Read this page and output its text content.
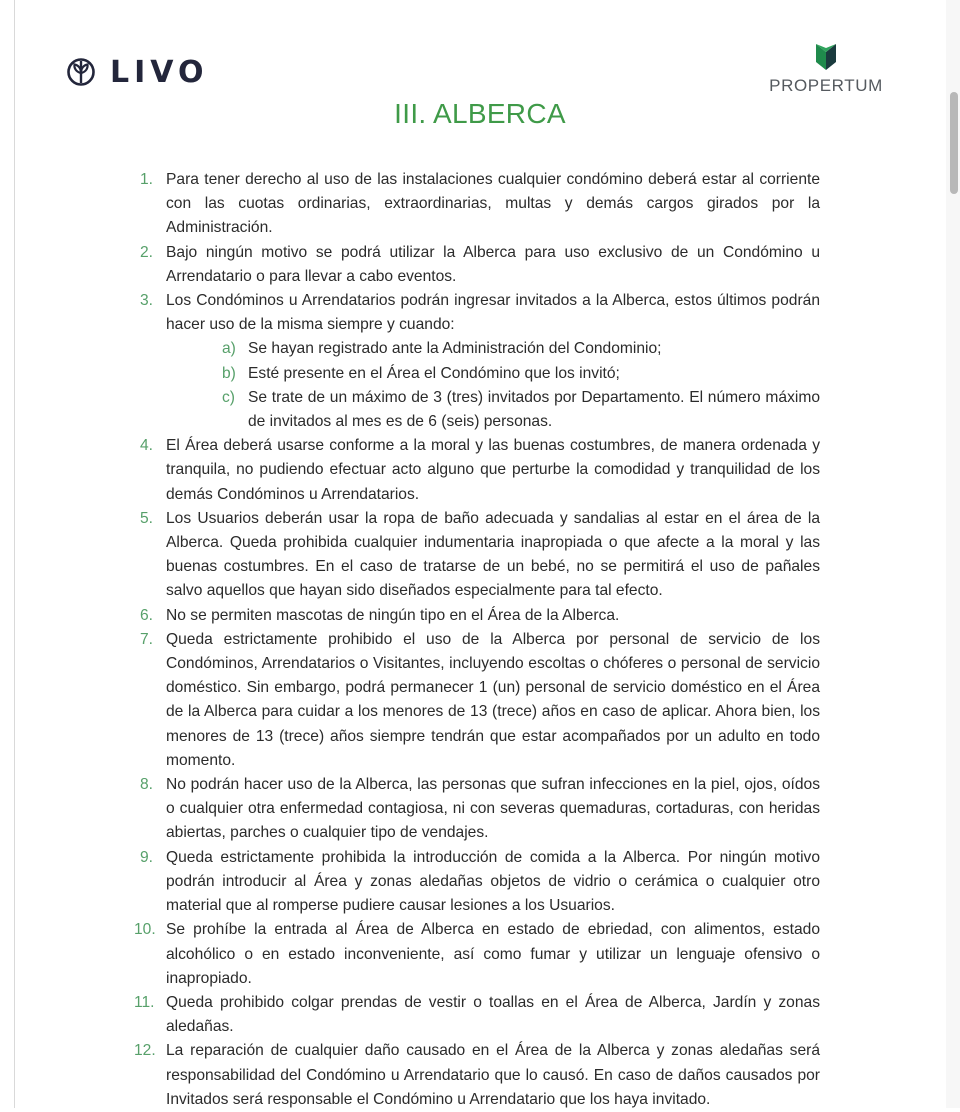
LIVO	PROPERTUM
III. ALBERCA
1. Para tener derecho al uso de las instalaciones cualquier condómino deberá estar al corriente con las cuotas ordinarias, extraordinarias, multas y demás cargos girados por la Administración.
2. Bajo ningún motivo se podrá utilizar la Alberca para uso exclusivo de un Condómino u Arrendatario o para llevar a cabo eventos.
3. Los Condóminos u Arrendatarios podrán ingresar invitados a la Alberca, estos últimos podrán hacer uso de la misma siempre y cuando:
a) Se hayan registrado ante la Administración del Condominio;
b) Esté presente en el Área el Condómino que los invitó;
c) Se trate de un máximo de 3 (tres) invitados por Departamento. El número máximo de invitados al mes es de 6 (seis) personas.
4. El Área deberá usarse conforme a la moral y las buenas costumbres, de manera ordenada y tranquila, no pudiendo efectuar acto alguno que perturbe la comodidad y tranquilidad de los demás Condóminos u Arrendatarios.
5. Los Usuarios deberán usar la ropa de baño adecuada y sandalias al estar en el área de la Alberca. Queda prohibida cualquier indumentaria inapropiada o que afecte a la moral y las buenas costumbres. En el caso de tratarse de un bebé, no se permitirá el uso de pañales salvo aquellos que hayan sido diseñados especialmente para tal efecto.
6. No se permiten mascotas de ningún tipo en el Área de la Alberca.
7. Queda estrictamente prohibido el uso de la Alberca por personal de servicio de los Condóminos, Arrendatarios o Visitantes, incluyendo escoltas o chóferes o personal de servicio doméstico. Sin embargo, podrá permanecer 1 (un) personal de servicio doméstico en el Área de la Alberca para cuidar a los menores de 13 (trece) años en caso de aplicar. Ahora bien, los menores de 13 (trece) años siempre tendrán que estar acompañados por un adulto en todo momento.
8. No podrán hacer uso de la Alberca, las personas que sufran infecciones en la piel, ojos, oídos o cualquier otra enfermedad contagiosa, ni con severas quemaduras, cortaduras, con heridas abiertas, parches o cualquier tipo de vendajes.
9. Queda estrictamente prohibida la introducción de comida a la Alberca. Por ningún motivo podrán introducir al Área y zonas aledañas objetos de vidrio o cerámica o cualquier otro material que al romperse pudiere causar lesiones a los Usuarios.
10. Se prohíbe la entrada al Área de Alberca en estado de ebriedad, con alimentos, estado alcohólico o en estado inconveniente, así como fumar y utilizar un lenguaje ofensivo o inapropiado.
11. Queda prohibido colgar prendas de vestir o toallas en el Área de Alberca, Jardín y zonas aledañas.
12. La reparación de cualquier daño causado en el Área de la Alberca y zonas aledañas será responsabilidad del Condómino u Arrendatario que lo causó. En caso de daños causados por Invitados será responsable el Condómino u Arrendatario que los haya invitado.
